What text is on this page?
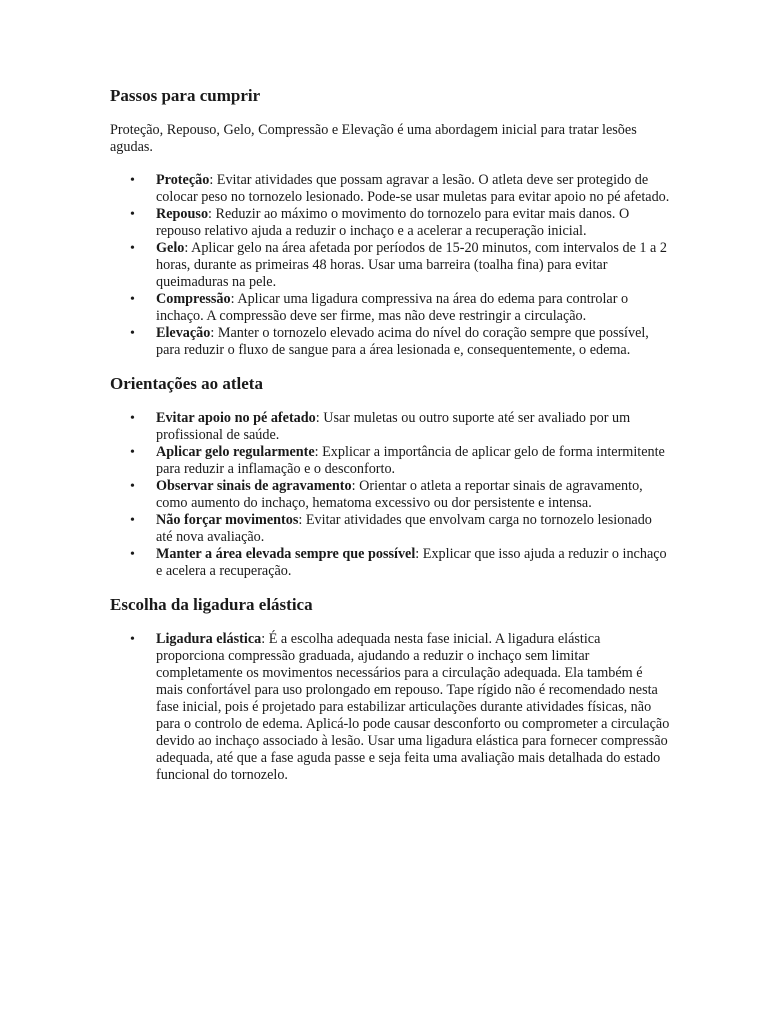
Passos para cumprir

Proteção, Repouso, Gelo, Compressão e Elevação é uma abordagem inicial para tratar lesões agudas.

• Proteção: Evitar atividades que possam agravar a lesão. O atleta deve ser protegido de colocar peso no tornozelo lesionado. Pode-se usar muletas para evitar apoio no pé afetado.
• Repouso: Reduzir ao máximo o movimento do tornozelo para evitar mais danos. O repouso relativo ajuda a reduzir o inchaço e a acelerar a recuperação inicial.
• Gelo: Aplicar gelo na área afetada por períodos de 15-20 minutos, com intervalos de 1 a 2 horas, durante as primeiras 48 horas. Usar uma barreira (toalha fina) para evitar queimaduras na pele.
• Compressão: Aplicar uma ligadura compressiva na área do edema para controlar o inchaço. A compressão deve ser firme, mas não deve restringir a circulação.
• Elevação: Manter o tornozelo elevado acima do nível do coração sempre que possível, para reduzir o fluxo de sangue para a área lesionada e, consequentemente, o edema.
Orientações ao atleta
• Evitar apoio no pé afetado: Usar muletas ou outro suporte até ser avaliado por um profissional de saúde.
• Aplicar gelo regularmente: Explicar a importância de aplicar gelo de forma intermitente para reduzir a inflamação e o desconforto.
• Observar sinais de agravamento: Orientar o atleta a reportar sinais de agravamento, como aumento do inchaço, hematoma excessivo ou dor persistente e intensa.
• Não forçar movimentos: Evitar atividades que envolvam carga no tornozelo lesionado até nova avaliação.
• Manter a área elevada sempre que possível: Explicar que isso ajuda a reduzir o inchaço e acelera a recuperação.
Escolha da ligadura elástica
• Ligadura elástica: É a escolha adequada nesta fase inicial. A ligadura elástica proporciona compressão graduada, ajudando a reduzir o inchaço sem limitar completamente os movimentos necessários para a circulação adequada. Ela também é mais confortável para uso prolongado em repouso. Tape rígido não é recomendado nesta fase inicial, pois é projetado para estabilizar articulações durante atividades físicas, não para o controlo de edema. Aplicá-lo pode causar desconforto ou comprometer a circulação devido ao inchaço associado à lesão. Usar uma ligadura elástica para fornecer compressão adequada, até que a fase aguda passe e seja feita uma avaliação mais detalhada do estado funcional do tornozelo.
